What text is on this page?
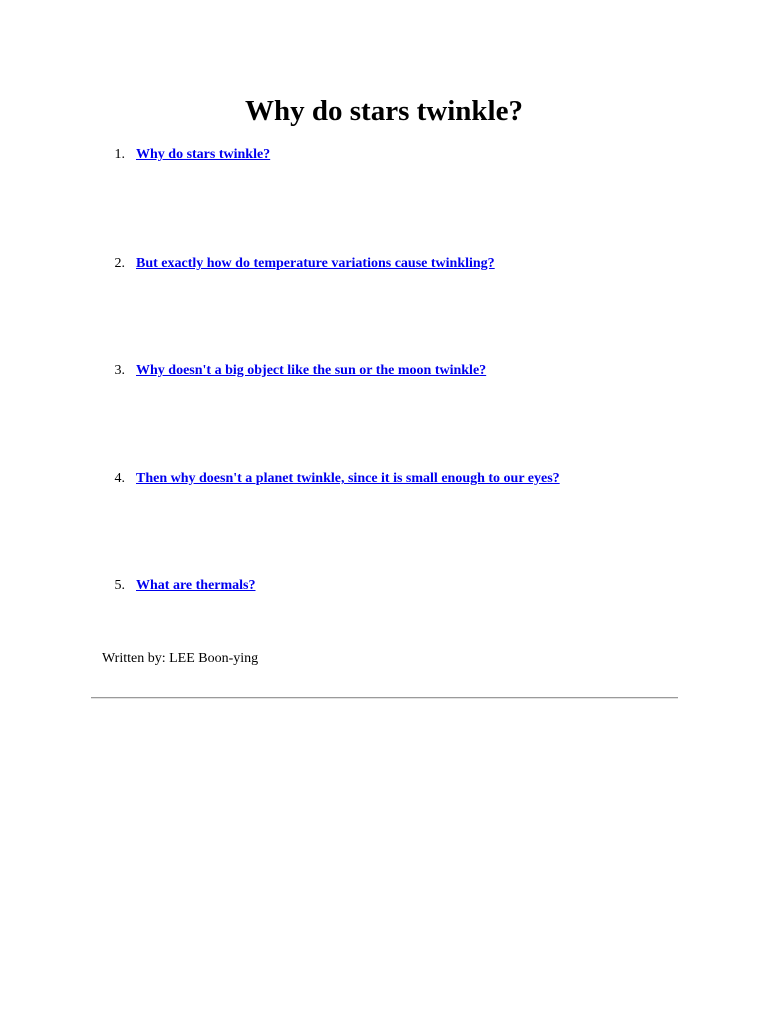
Why do stars twinkle?
1. Why do stars twinkle?
2. But exactly how do temperature variations cause twinkling?
3. Why doesn't a big object like the sun or the moon twinkle?
4. Then why doesn't a planet twinkle, since it is small enough to our eyes?
5. What are thermals?
Written by: LEE Boon-ying
